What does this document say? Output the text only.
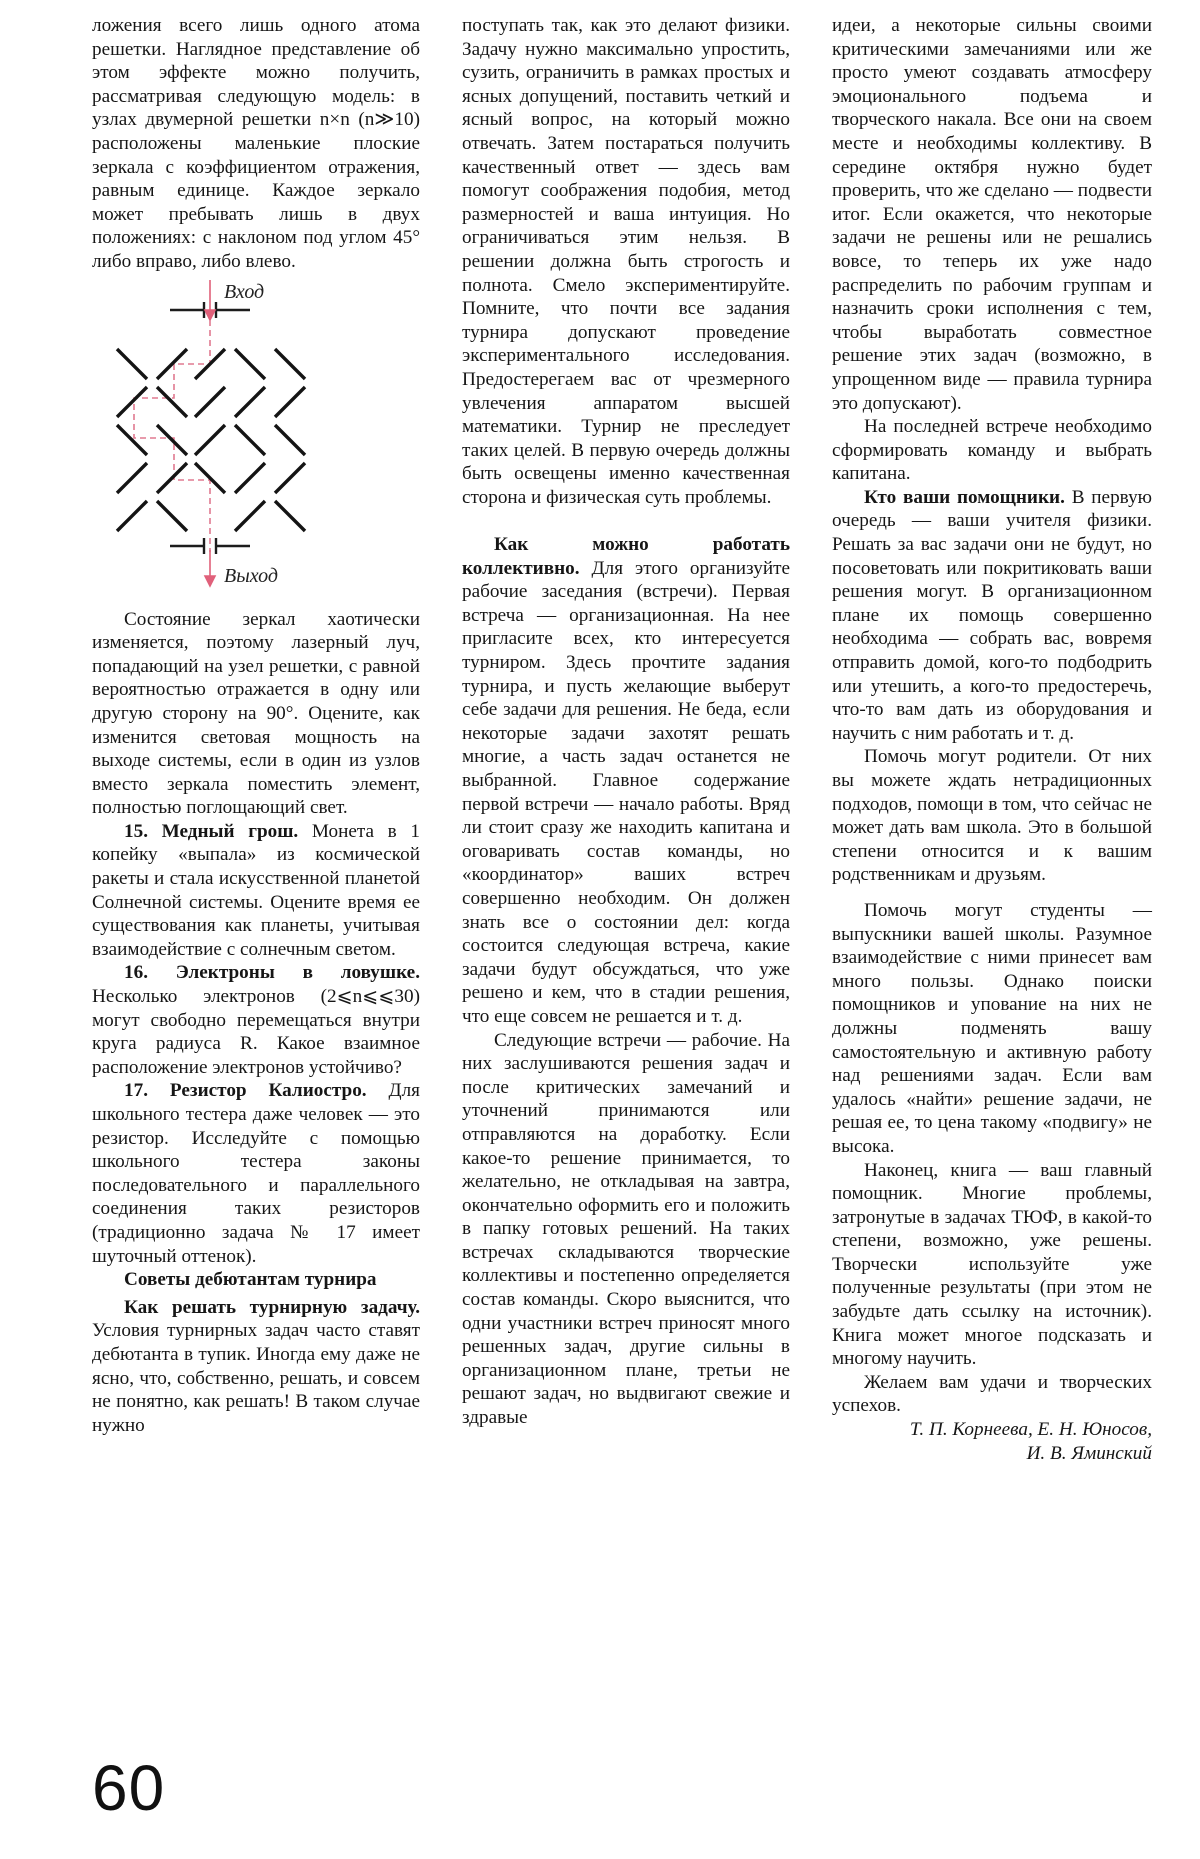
ложения всего лишь одного атома решетки. Наглядное представление об этом эффекте можно получить, рассматривая следующую модель: в узлах двумерной решетки n×n (n≫10) расположены маленькие плоские зеркала с коэффициентом отражения, равным единице. Каждое зеркало может пребывать лишь в двух положениях: с наклоном под углом 45° либо вправо, либо влево.

Вход
Выход

Состояние зеркал хаотически изменяется, поэтому лазерный луч, попадающий на узел решетки, с равной вероятностью отражается в одну или другую сторону на 90°. Оцените, как изменится световая мощность на выходе системы, если в один из узлов вместо зеркала поместить элемент, полностью поглощающий свет.

15. Медный грош. Монета в 1 копейку «выпала» из космической ракеты и стала искусственной планетой Солнечной системы. Оцените время ее существования как планеты, учитывая взаимодействие с солнечным светом.

16. Электроны в ловушке. Несколько электронов (2⩽n⩽⩽30) могут свободно перемещаться внутри круга радиуса R. Какое взаимное расположение электронов устойчиво?

17. Резистор Калиостро. Для школьного тестера даже человек — это резистор. Исследуйте с помощью школьного тестера законы последовательного и параллельного соединения таких резисторов (традиционно задача № 17 имеет шуточный оттенок).

Советы дебютантам турнира

Как решать турнирную задачу. Условия турнирных задач часто ставят дебютанта в тупик. Иногда ему даже не ясно, что, собственно, решать, и совсем не понятно, как решать! В таком случае нужно

поступать так, как это делают физики. Задачу нужно максимально упростить, сузить, ограничить в рамках простых и ясных допущений, поставить четкий и ясный вопрос, на который можно отвечать. Затем постараться получить качественный ответ — здесь вам помогут соображения подобия, метод размерностей и ваша интуиция. Но ограничиваться этим нельзя. В решении должна быть строгость и полнота. Смело экспериментируйте. Помните, что почти все задания турнира допускают проведение экспериментального исследования. Предостерегаем вас от чрезмерного увлечения аппаратом высшей математики. Турнир не преследует таких целей. В первую очередь должны быть освещены именно качественная сторона и физическая суть проблемы.

Как можно работать коллективно. Для этого организуйте рабочие заседания (встречи). Первая встреча — организационная. На нее пригласите всех, кто интересуется турниром. Здесь прочтите задания турнира, и пусть желающие выберут себе задачи для решения. Не беда, если некоторые задачи захотят решать многие, а часть задач останется не выбранной. Главное содержание первой встречи — начало работы. Вряд ли стоит сразу же находить капитана и оговаривать состав команды, но «координатор» ваших встреч совершенно необходим. Он должен знать все о состоянии дел: когда состоится следующая встреча, какие задачи будут обсуждаться, что уже решено и кем, что в стадии решения, что еще совсем не решается и т. д.

Следующие встречи — рабочие. На них заслушиваются решения задач и после критических замечаний и уточнений принимаются или отправляются на доработку. Если какое-то решение принимается, то желательно, не откладывая на завтра, окончательно оформить его и положить в папку готовых решений. На таких встречах складываются творческие коллективы и постепенно определяется состав команды. Скоро выяснится, что одни участники встреч приносят много решенных задач, другие сильны в организационном плане, третьи не решают задач, но выдвигают свежие и здравые

идеи, а некоторые сильны своими критическими замечаниями или же просто умеют создавать атмосферу эмоционального подъема и творческого накала. Все они на своем месте и необходимы коллективу. В середине октября нужно будет проверить, что же сделано — подвести итог. Если окажется, что некоторые задачи не решены или не решались вовсе, то теперь их уже надо распределить по рабочим группам и назначить сроки исполнения с тем, чтобы выработать совместное решение этих задач (возможно, в упрощенном виде — правила турнира это допускают).

На последней встрече необходимо сформировать команду и выбрать капитана.

Кто ваши помощники. В первую очередь — ваши учителя физики. Решать за вас задачи они не будут, но посоветовать или покритиковать ваши решения могут. В организационном плане их помощь совершенно необходима — собрать вас, вовремя отправить домой, кого-то подбодрить или утешить, а кого-то предостеречь, что-то вам дать из оборудования и научить с ним работать и т. д.

Помочь могут родители. От них вы можете ждать нетрадиционных подходов, помощи в том, что сейчас не может дать вам школа. Это в большой степени относится и к вашим родственникам и друзьям.

Помочь могут студенты — выпускники вашей школы. Разумное взаимодействие с ними принесет вам много пользы. Однако поиски помощников и упование на них не должны подменять вашу самостоятельную и активную работу над решениями задач. Если вам удалось «найти» решение задачи, не решая ее, то цена такому «подвигу» не высока.

Наконец, книга — ваш главный помощник. Многие проблемы, затронутые в задачах ТЮФ, в какой-то степени, возможно, уже решены. Творчески используйте уже полученные результаты (при этом не забудьте дать ссылку на источник). Книга может многое подсказать и многому научить.

Желаем вам удачи и творческих успехов.

Т. П. Корнеева, Е. Н. Юносов,

И. В. Яминский

60
